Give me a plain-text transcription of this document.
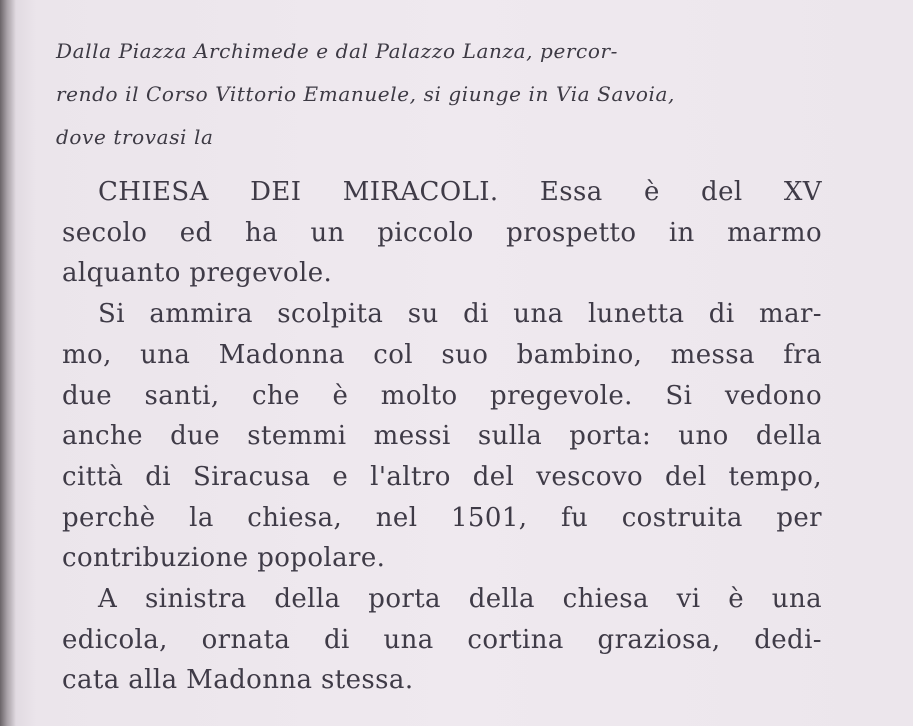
Dalla Piazza Archimede e dal Palazzo Lanza, percor-
rendo il Corso Vittorio Emanuele, si giunge in Via Savoia,
dove trovasi la

CHIESA DEI MIRACOLI. Essa è del XV
secolo ed ha un piccolo prospetto in marmo
alquanto pregevole.
Si ammira scolpita su di una lunetta di mar-
mo, una Madonna col suo bambino, messa fra
due santi, che è molto pregevole. Si vedono
anche due stemmi messi sulla porta: uno della
città di Siracusa e l'altro del vescovo del tempo,
perchè la chiesa, nel 1501, fu costruita per
contribuzione popolare.
A sinistra della porta della chiesa vi è una
edicola, ornata di una cortina graziosa, dedi-
cata alla Madonna stessa.
